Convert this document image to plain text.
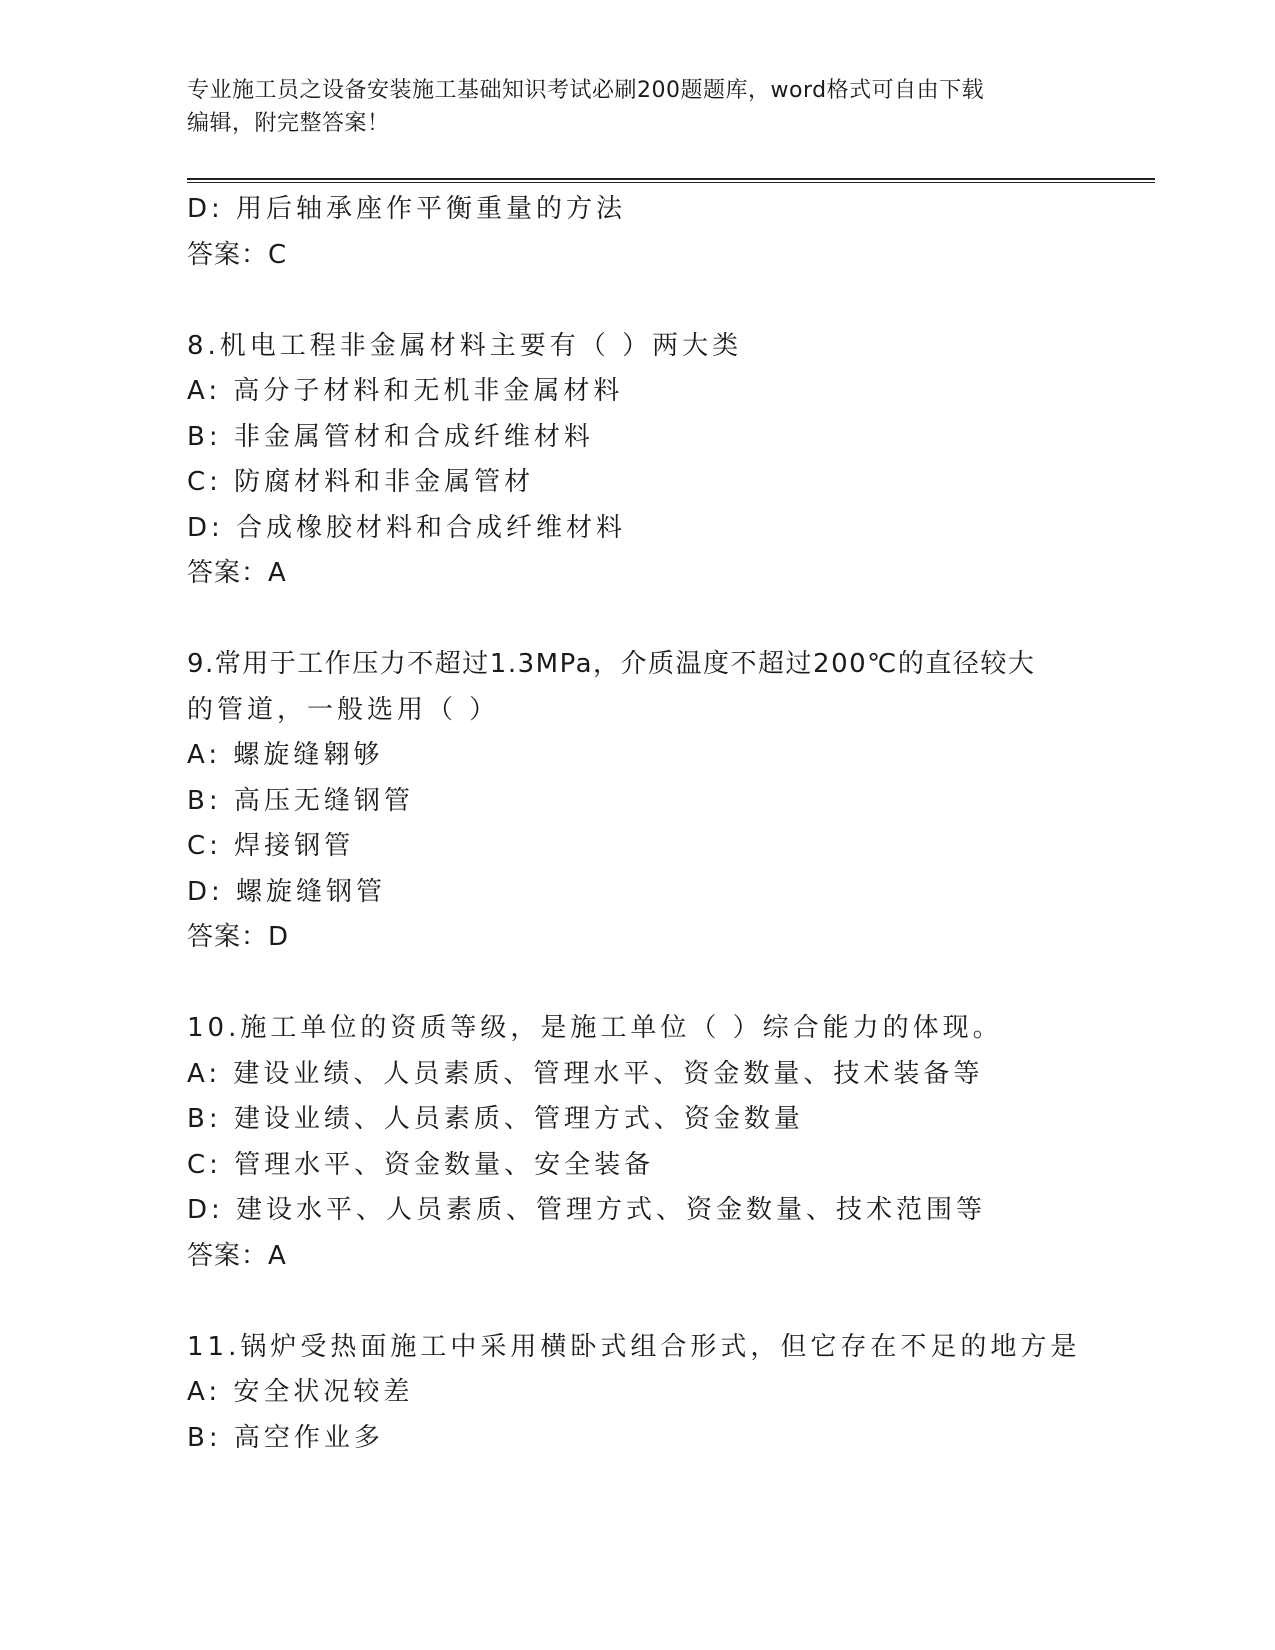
专业施工员之设备安装施工基础知识考试必刷200题题库，word格式可自由下载
编辑，附完整答案！
D: 用后轴承座作平衡重量的方法
答案：C
8.机电工程非金属材料主要有（ ）两大类
A: 高分子材料和无机非金属材料
B: 非金属管材和合成纤维材料
C: 防腐材料和非金属管材
D: 合成橡胶材料和合成纤维材料
答案：A
9.常用于工作压力不超过1.3MPa，介质温度不超过200℃的直径较大
的管道，一般选用（ ）
A: 螺旋缝翱够
B: 高压无缝钢管
C: 焊接钢管
D: 螺旋缝钢管
答案：D
10.施工单位的资质等级，是施工单位（ ）综合能力的体现。
A: 建设业绩、人员素质、管理水平、资金数量、技术装备等
B: 建设业绩、人员素质、管理方式、资金数量
C: 管理水平、资金数量、安全装备
D: 建设水平、人员素质、管理方式、资金数量、技术范围等
答案：A
11.锅炉受热面施工中采用横卧式组合形式，但它存在不足的地方是
A: 安全状况较差
B: 高空作业多
